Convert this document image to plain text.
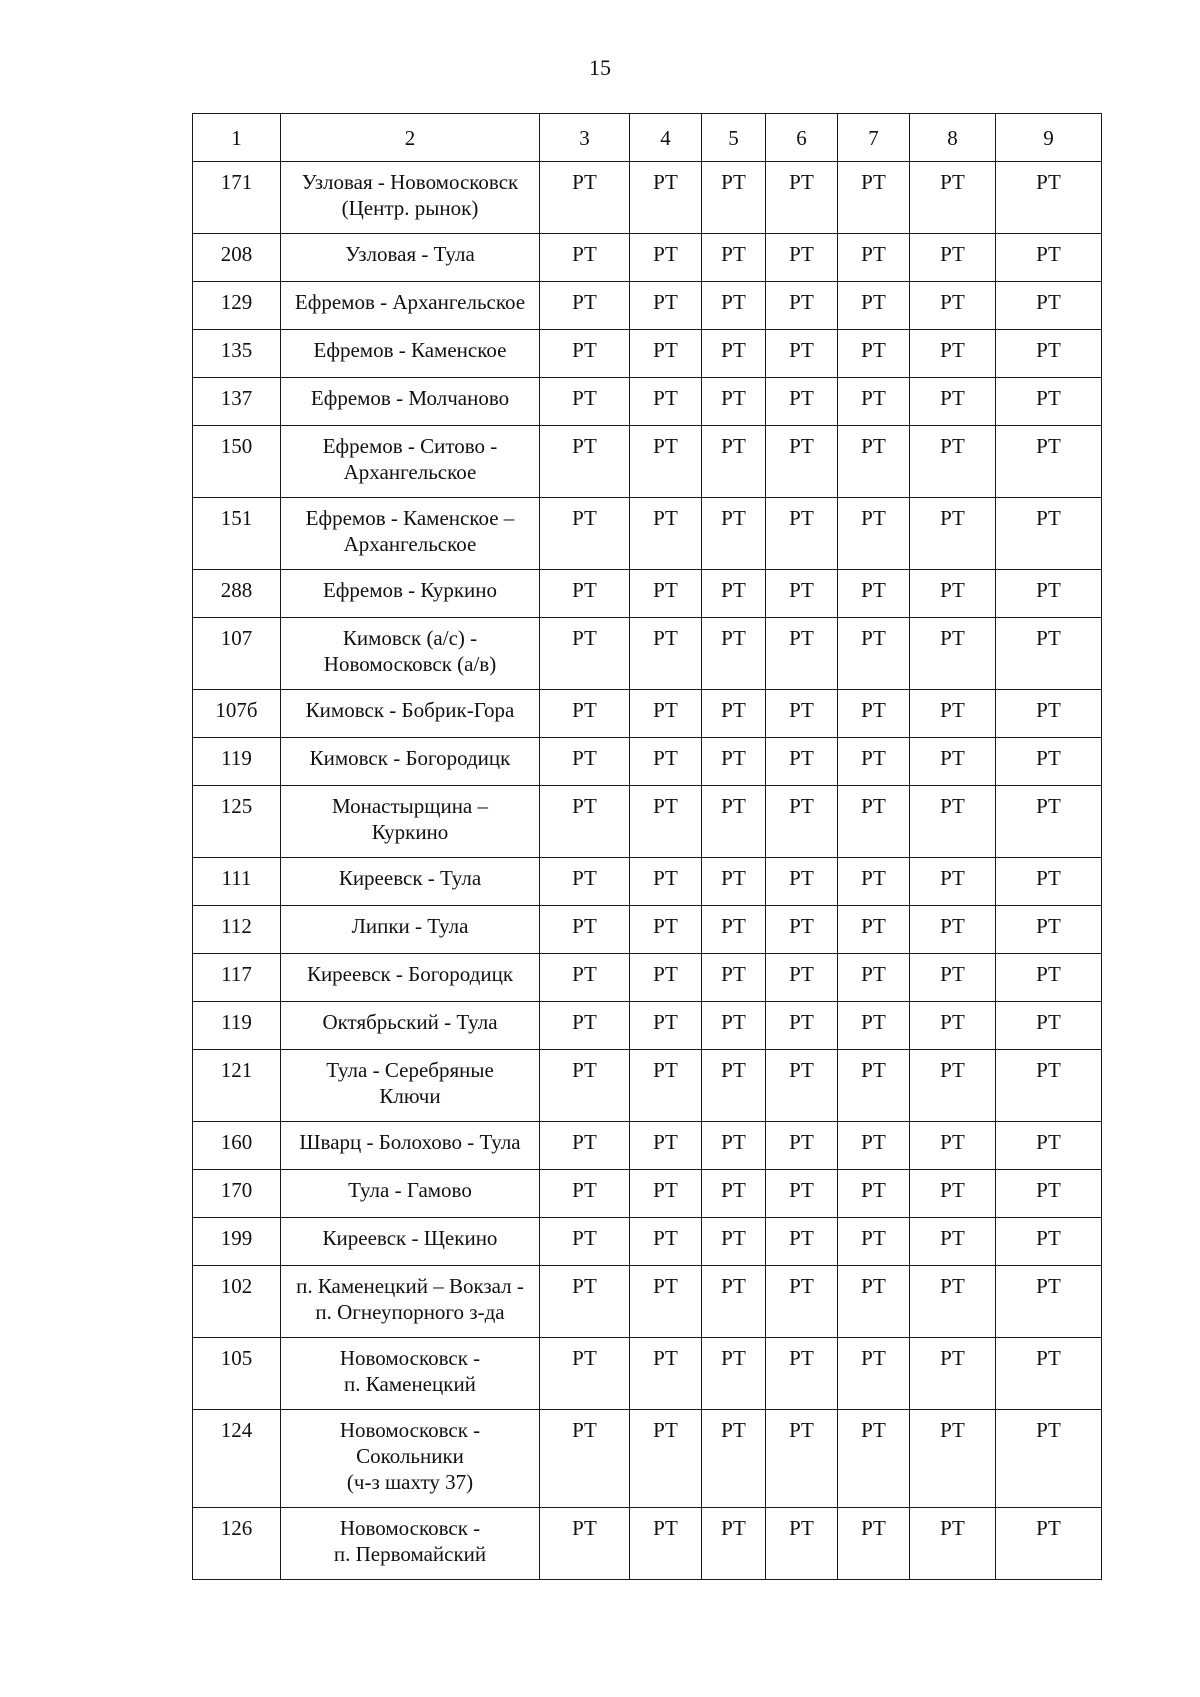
15
1	2	3	4	5	6	7	8	9
171	Узловая - Новомосковск
(Центр. рынок)	РТ	РТ	РТ	РТ	РТ	РТ	РТ
208	Узловая - Тула	РТ	РТ	РТ	РТ	РТ	РТ	РТ
129	Ефремов - Архангельское	РТ	РТ	РТ	РТ	РТ	РТ	РТ
135	Ефремов - Каменское	РТ	РТ	РТ	РТ	РТ	РТ	РТ
137	Ефремов - Молчаново	РТ	РТ	РТ	РТ	РТ	РТ	РТ
150	Ефремов - Ситово -
Архангельское	РТ	РТ	РТ	РТ	РТ	РТ	РТ
151	Ефремов - Каменское –
Архангельское	РТ	РТ	РТ	РТ	РТ	РТ	РТ
288	Ефремов - Куркино	РТ	РТ	РТ	РТ	РТ	РТ	РТ
107	Кимовск (а/с) -
Новомосковск (а/в)	РТ	РТ	РТ	РТ	РТ	РТ	РТ
107б	Кимовск - Бобрик-Гора	РТ	РТ	РТ	РТ	РТ	РТ	РТ
119	Кимовск - Богородицк	РТ	РТ	РТ	РТ	РТ	РТ	РТ
125	Монастырщина –
Куркино	РТ	РТ	РТ	РТ	РТ	РТ	РТ
111	Киреевск - Тула	РТ	РТ	РТ	РТ	РТ	РТ	РТ
112	Липки - Тула	РТ	РТ	РТ	РТ	РТ	РТ	РТ
117	Киреевск - Богородицк	РТ	РТ	РТ	РТ	РТ	РТ	РТ
119	Октябрьский - Тула	РТ	РТ	РТ	РТ	РТ	РТ	РТ
121	Тула - Серебряные
Ключи	РТ	РТ	РТ	РТ	РТ	РТ	РТ
160	Шварц - Болохово - Тула	РТ	РТ	РТ	РТ	РТ	РТ	РТ
170	Тула - Гамово	РТ	РТ	РТ	РТ	РТ	РТ	РТ
199	Киреевск - Щекино	РТ	РТ	РТ	РТ	РТ	РТ	РТ
102	п. Каменецкий – Вокзал -
п. Огнеупорного з-да	РТ	РТ	РТ	РТ	РТ	РТ	РТ
105	Новомосковск -
п. Каменецкий	РТ	РТ	РТ	РТ	РТ	РТ	РТ
124	Новомосковск -
Сокольники
(ч-з шахту 37)	РТ	РТ	РТ	РТ	РТ	РТ	РТ
126	Новомосковск -
п. Первомайский	РТ	РТ	РТ	РТ	РТ	РТ	РТ
